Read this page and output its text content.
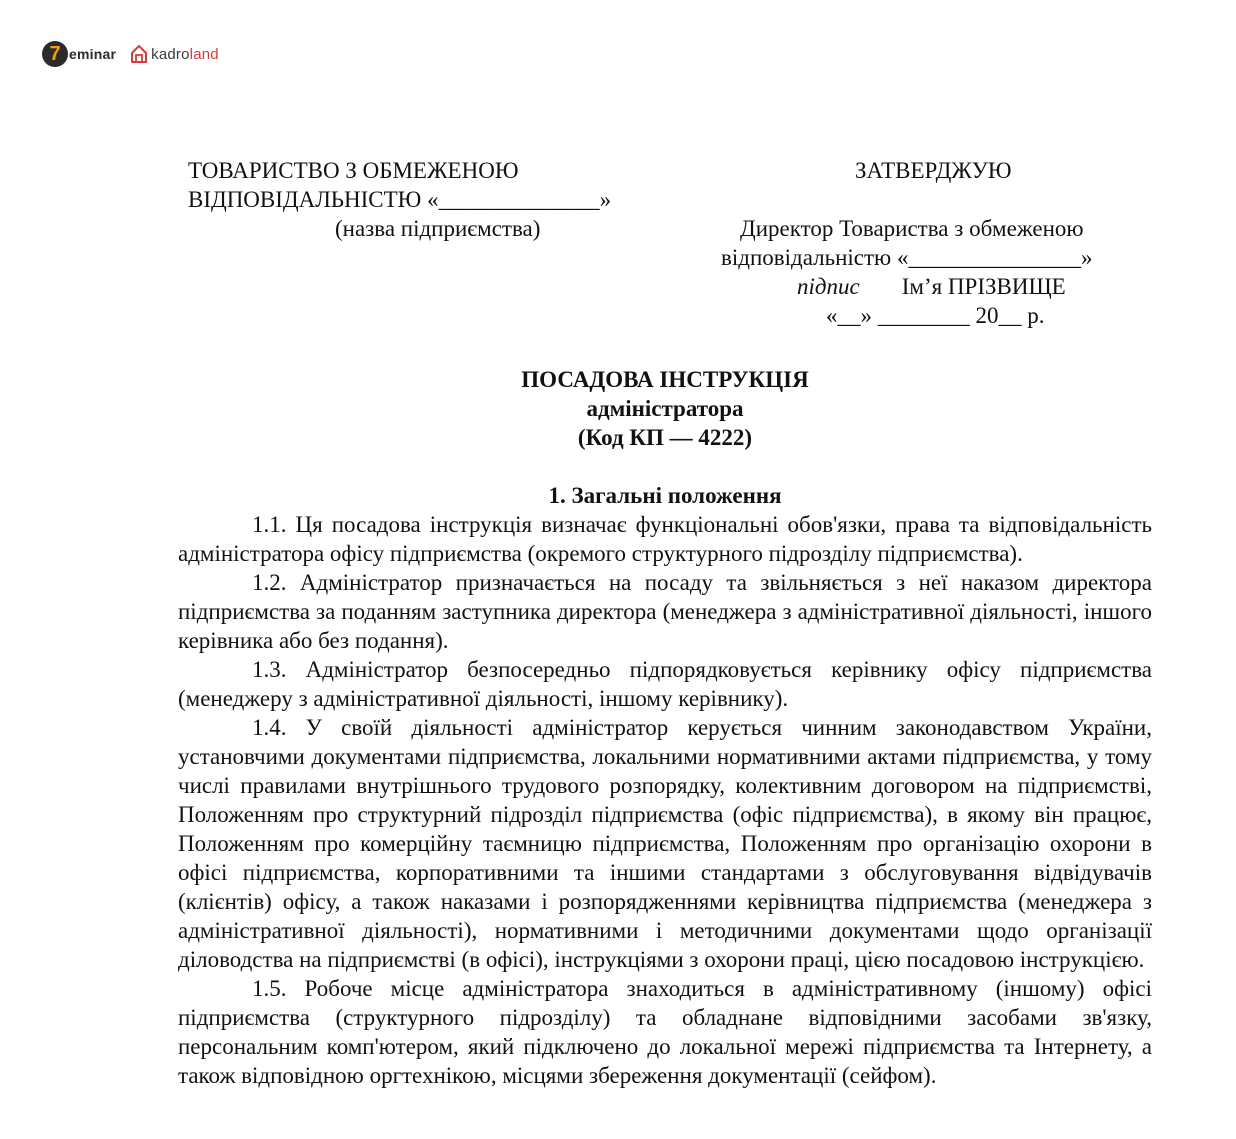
7 eminar kadroland
ТОВАРИСТВО З ОБМЕЖЕНОЮ
ВІДПОВІДАЛЬНІСТЮ «______________»
(назва підприємства)
ЗАТВЕРДЖУЮ
Директор Товариства з обмеженою
відповідальністю «_______________»
підпис Ім’я ПРІЗВИЩЕ
«__» ________ 20__ р.
ПОСАДОВА ІНСТРУКЦІЯ
адміністратора
(Код КП — 4222)
1. Загальні положення

1.1. Ця посадова інструкція визначає функціональні обов'язки, права та відповідальність адміністратора офісу підприємства (окремого структурного підрозділу підприємства).

1.2. Адміністратор призначається на посаду та звільняється з неї наказом директора підприємства за поданням заступника директора (менеджера з адміністративної діяльності, іншого керівника або без подання).

1.3. Адміністратор безпосередньо підпорядковується керівнику офісу підприємства (менеджеру з адміністративної діяльності, іншому керівнику).

1.4. У своїй діяльності адміністратор керується чинним законодавством України, установчими документами підприємства, локальними нормативними актами підприємства, у тому числі правилами внутрішнього трудового розпорядку, колективним договором на підприємстві, Положенням про структурний підрозділ підприємства (офіс підприємства), в якому він працює, Положенням про комерційну таємницю підприємства, Положенням про організацію охорони в офісі підприємства, корпоративними та іншими стандартами з обслуговування відвідувачів (клієнтів) офісу, а також наказами і розпорядженнями керівництва підприємства (менеджера з адміністративної діяльності), нормативними і методичними документами щодо організації діловодства на підприємстві (в офісі), інструкціями з охорони праці, цією посадовою інструкцією.

1.5. Робоче місце адміністратора знаходиться в адміністративному (іншому) офісі підприємства (структурного підрозділу) та обладнане відповідними засобами зв'язку, персональним комп'ютером, який підключено до локальної мережі підприємства та Інтернету, а також відповідною оргтехнікою, місцями збереження документації (сейфом).
